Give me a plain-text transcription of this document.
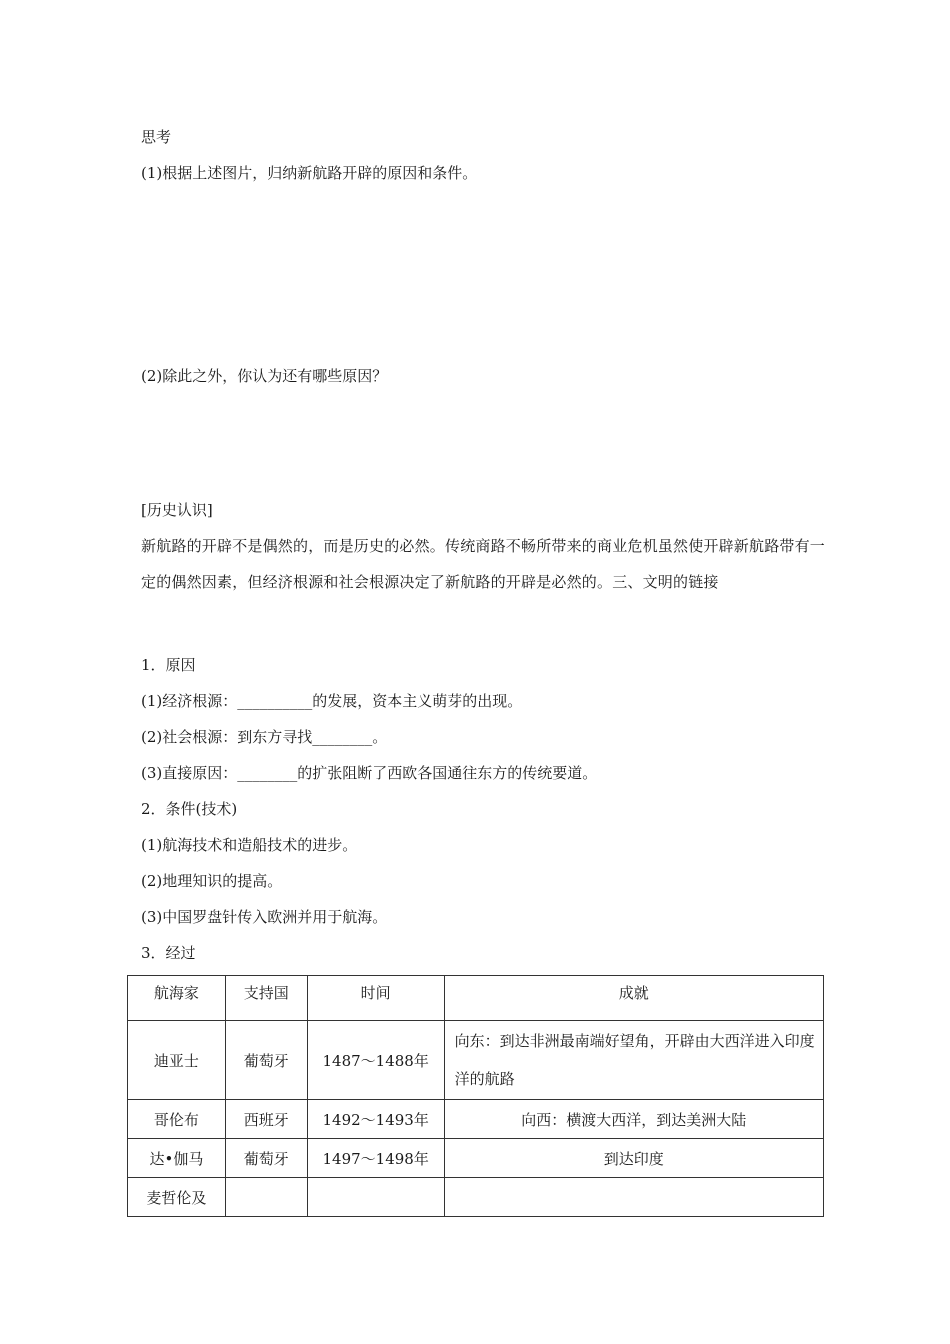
思考
(1)根据上述图片，归纳新航路开辟的原因和条件。
(2)除此之外，你认为还有哪些原因？
[历史认识]
新航路的开辟不是偶然的，而是历史的必然。传统商路不畅所带来的商业危机虽然使开辟新航路带有一定的偶然因素，但经济根源和社会根源决定了新航路的开辟是必然的。三、文明的链接
1．原因
(1)经济根源：__________的发展，资本主义萌芽的出现。
(2)社会根源：到东方寻找________。
(3)直接原因：________的扩张阻断了西欧各国通往东方的传统要道。
2．条件(技术)
(1)航海技术和造船技术的进步。
(2)地理知识的提高。
(3)中国罗盘针传入欧洲并用于航海。
3．经过
航海家	支持国	时间	成就
迪亚士	葡萄牙	1487～1488年	向东：到达非洲最南端好望角，开辟由大西洋进入印度洋的航路
哥伦布	西班牙	1492～1493年	向西：横渡大西洋，到达美洲大陆
达•伽马	葡萄牙	1497～1498年	到达印度
麦哲伦及			
